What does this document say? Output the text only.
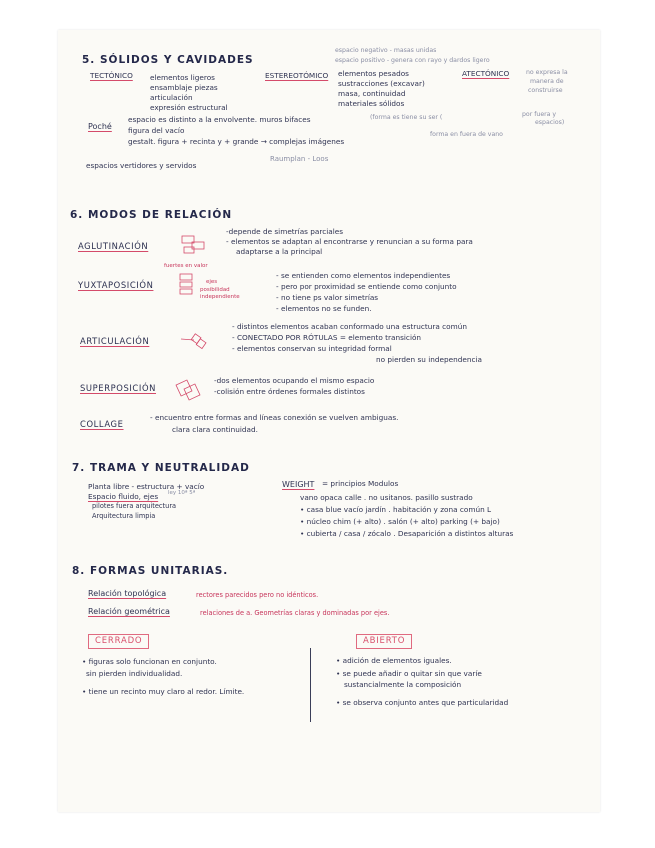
5. SÓLIDOS Y CAVIDADES
TECTÓNICO elementos ligeros
ensamblaje piezas
articulación
expresión estructural
ESTEREOTÓMICO elementos pesados
sustracciones (excavar)
masa, continuidad
materiales sólidos
espacio negativo - masas unidas
espacio positivo - genera con rayo y dardos ligero
ATECTÓNICO	no expresa la
manera de
construirse
Poché
espacio es distinto a la envolvente. muros bifaces	(forma es tiene su ser (	por fuera y
espacios)
figura del vacío
gestalt. figura + recinta y + grande → complejas imágenes
forma en fuera de vano
espacios vertidores y servidos
Raumplan - Loos
6. MODOS DE RELACIÓN
AGLUTINACIÓN
-depende de simetrías parciales
- elementos se adaptan al encontrarse y renuncian a su forma para
adaptarse a la principal
YUXTAPOSICIÓN
fuertes en valor
ejes
posibilidad
independiente
- se entienden como elementos independientes
- pero por proximidad se entiende como conjunto
- no tiene ps valor simetrías
- elementos no se funden.
ARTICULACIÓN
- distintos elementos acaban conformado una estructura común
- CONECTADO POR RÓTULAS = elemento transición
- elementos conservan su integridad formal
no pierden su independencia
SUPERPOSICIÓN
-dos elementos ocupando el mismo espacio
-colisión entre órdenes formales distintos
COLLAGE
- encuentro entre formas and líneas conexión se vuelven ambiguas.
clara clara continuidad.
7. TRAMA Y NEUTRALIDAD
Planta libre - estructura + vacío
Espacio fluido, ejes ley 10ª 5ª
pilotes fuera arquitectura
Arquitectura limpia
WEIGHT = principios Modulos
vano opaca calle . no usitanos. pasillo sustrado
• casa blue vacío jardín . habitación y zona común L
• núcleo chim (+ alto) . salón (+ alto) parking (+ bajo)
• cubierta / casa / zócalo . Desaparición a distintos alturas
8. FORMAS UNITARIAS.
Relación topológica	rectores parecidos pero no idénticos.
Relación geométrica	relaciones de a. Geometrías claras y dominadas por ejes.
CERRADO
• figuras solo funcionan en conjunto.
sin pierden individualidad.
• tiene un recinto muy claro al redor. Límite.
ABIERTO
• adición de elementos iguales.
• se puede añadir o quitar sin que varíe
sustancialmente la composición
• se observa conjunto antes que particularidad
